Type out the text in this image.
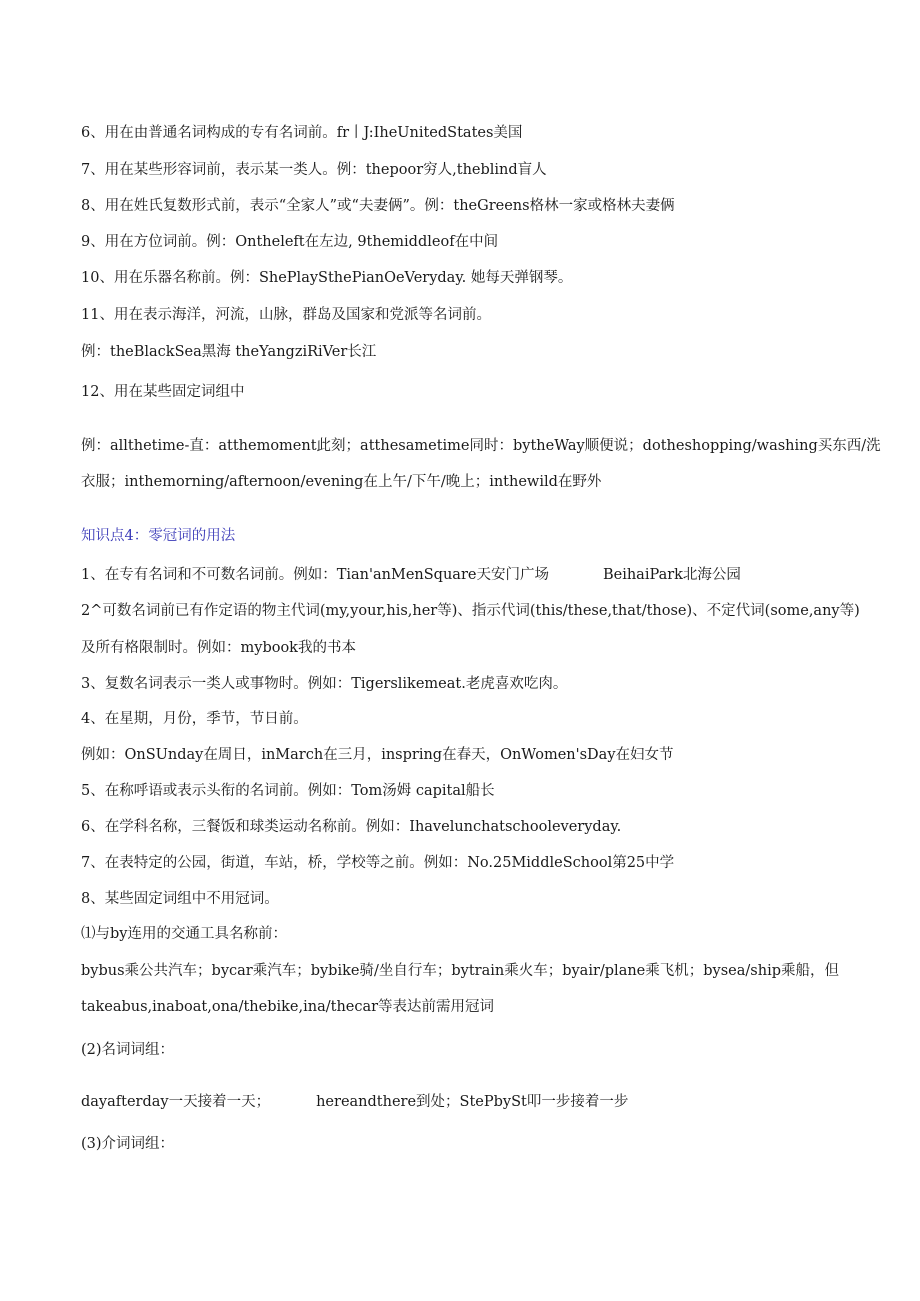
6、用在由普通名词构成的专有名词前。fr丨J:IheUnitedStates美国
7、用在某些形容词前，表示某一类人。例：thepoor穷人,theblind盲人
8、用在姓氏复数形式前，表示“全家人”或“夫妻俩”。例：theGreens格林一家或格林夫妻俩
9、用在方位词前。例：Ontheleft在左边, 9themiddleof在中间
10、用在乐器名称前。例：ShePlaySthePianOeVeryday. 她每天弹钢琴。
11、用在表示海洋，河流，山脉，群岛及国家和党派等名词前。
例：theBlackSea黑海 theYangziRiVer长江
12、用在某些固定词组中
例：allthetime-直：atthemoment此刻；atthesametime同时：bytheWay顺便说；dotheshopping/washing买东西/洗
衣服；inthemorning/afternoon/evening在上午/下午/晚上；inthewild在野外
知识点4：零冠词的用法
1、在专有名词和不可数名词前。例如：Tian'anMenSquare天安门广场	BeihaiPark北海公园
2^可数名词前已有作定语的物主代词(my,your,his,her等)、指示代词(this/these,that/those)、不定代词(some,any等)
及所有格限制时。例如：mybook我的书本
3、复数名词表示一类人或事物时。例如：Tigerslikemeat.老虎喜欢吃肉。
4、在星期，月份，季节，节日前。
例如：OnSUnday在周日，inMarch在三月，inspring在春天，OnWomen'sDay在妇女节
5、在称呼语或表示头衔的名词前。例如：Tom汤姆 capital船长
6、在学科名称，三餐饭和球类运动名称前。例如：Ihavelunchatschooleveryday.
7、在表特定的公园，街道，车站，桥，学校等之前。例如：No.25MiddleSchool第25中学
8、某些固定词组中不用冠词。
⑴与by连用的交通工具名称前：
bybus乘公共汽车；bycar乘汽车；bybike骑/坐自行车；bytrain乘火车；byair/plane乘飞机；bysea/ship乘船，但
takeabus,inaboat,ona/thebike,ina/thecar等表达前需用冠词
(2)名词词组：
dayafterday一天接着一天；	hereandthere到处；StePbySt叩一步接着一步
(3)介词词组：
